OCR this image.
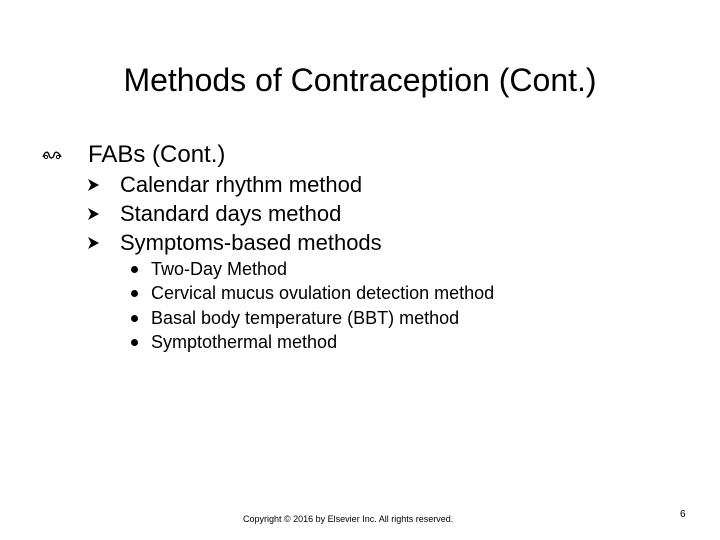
Methods of Contraception (Cont.)
FABs (Cont.)
Calendar rhythm method
Standard days method
Symptoms-based methods
Two-Day Method
Cervical mucus ovulation detection method
Basal body temperature (BBT) method
Symptothermal method
Copyright © 2016 by Elsevier Inc. All rights reserved.	6
